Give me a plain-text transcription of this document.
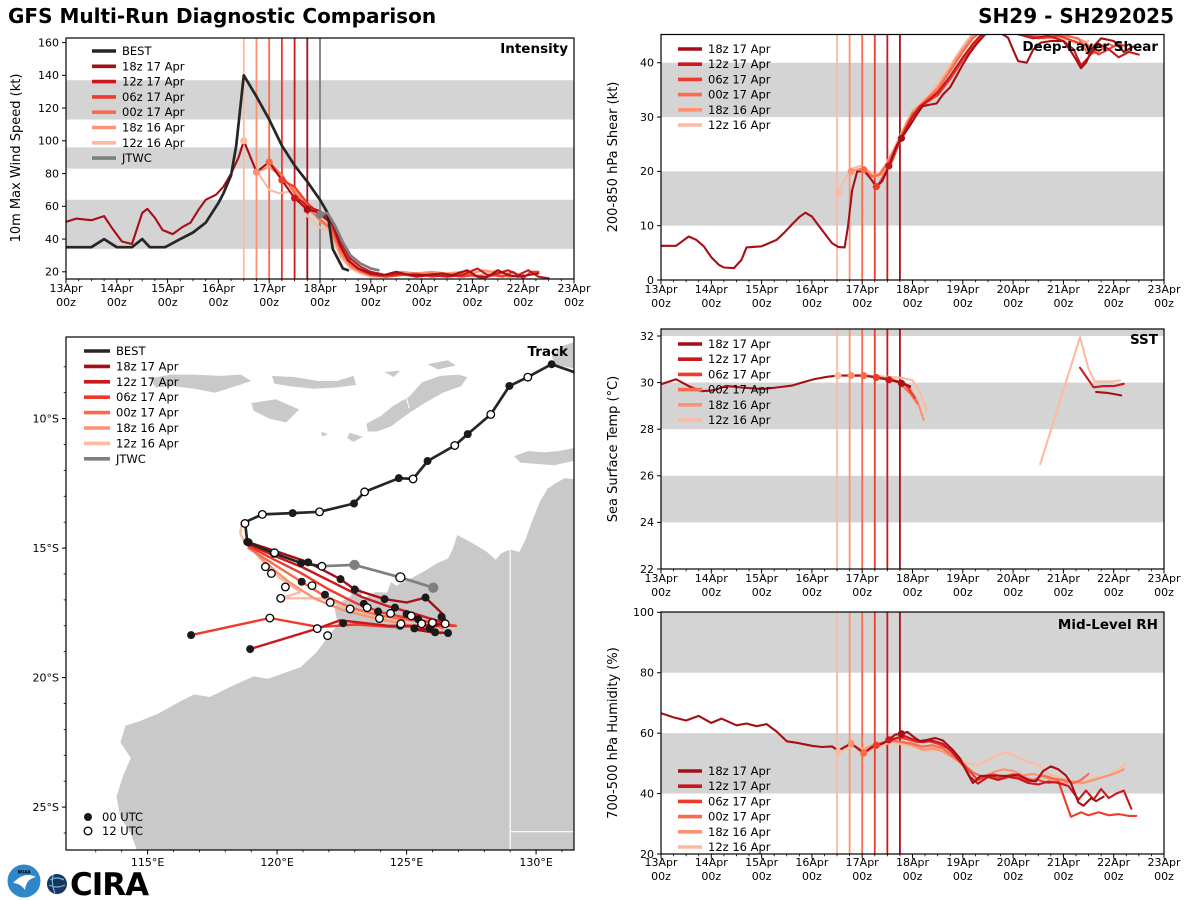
GFS Multi-Run Diagnostic Comparison	SH29 - SH292025
20
40
60
80
100
120
140
160
13Apr
00z
14Apr
00z
15Apr
00z
16Apr
00z
17Apr
00z
18Apr
00z
19Apr
00z
20Apr
00z
21Apr
00z
22Apr
00z
23Apr
00z
Intensity
10m Max Wind Speed (kt)
BEST
18z 17 Apr
12z 17 Apr
06z 17 Apr
00z 17 Apr
18z 16 Apr
12z 16 Apr
JTWC
0
10
20
30
40
13Apr
00z
14Apr
00z
15Apr
00z
16Apr
00z
17Apr
00z
18Apr
00z
19Apr
00z
20Apr
00z
21Apr
00z
22Apr
00z
23Apr
00z
Deep-Layer Shear
200-850 hPa Shear (kt)
18z 17 Apr
12z 17 Apr
06z 17 Apr
00z 17 Apr
18z 16 Apr
12z 16 Apr
22
24
26
28
30
32
13Apr
00z
14Apr
00z
15Apr
00z
16Apr
00z
17Apr
00z
18Apr
00z
19Apr
00z
20Apr
00z
21Apr
00z
22Apr
00z
23Apr
00z
SST
Sea Surface Temp (°C)
18z 17 Apr
12z 17 Apr
06z 17 Apr
00z 17 Apr
18z 16 Apr
12z 16 Apr
20
40
60
80
100
13Apr
00z
14Apr
00z
15Apr
00z
16Apr
00z
17Apr
00z
18Apr
00z
19Apr
00z
20Apr
00z
21Apr
00z
22Apr
00z
23Apr
00z
Mid-Level RH
700-500 hPa Humidity (%)	18z 17 Apr
12z 17 Apr
06z 17 Apr
00z 17 Apr
18z 16 Apr
12z 16 Apr
10°S
15°S
20°S
25°S
115°E	120°E	125°E	130°E
Track
BEST
18z 17 Apr
12z 17 Apr
06z 17 Apr
00z 17 Apr
18z 16 Apr
12z 16 Apr
JTWC
00 UTC
12 UTC
NOAA CIRA
